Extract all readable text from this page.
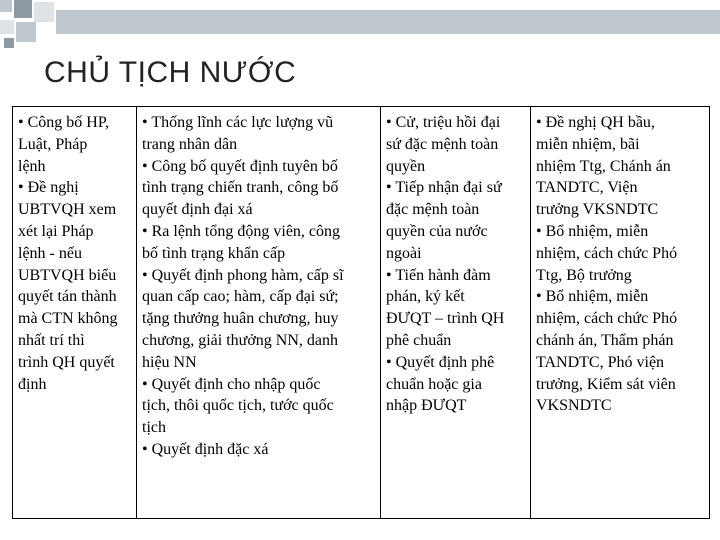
CHỦ TỊCH NƯỚC
• Công bố HP,
Luật, Pháp
lệnh
• Đề nghị
UBTVQH xem
xét lại Pháp
lệnh - nếu
UBTVQH biểu
quyết tán thành
mà CTN không
nhất trí thì
trình QH quyết
định

• Thống lĩnh các lực lượng vũ
trang nhân dân
• Công bố quyết định tuyên bố
tình trạng chiến tranh, công bố
quyết định đại xá
• Ra lệnh tổng động viên, công
bố tình trạng khẩn cấp
• Quyết định phong hàm, cấp sĩ
quan cấp cao; hàm, cấp đại sứ;
tặng thưởng huân chương, huy
chương, giải thưởng NN, danh
hiệu NN
• Quyết định cho nhập quốc
tịch, thôi quốc tịch, tước quốc
tịch
• Quyết định đặc xá

• Cử, triệu hồi đại
sứ đặc mệnh toàn
quyền
• Tiếp nhận đại sứ
đặc mệnh toàn
quyền của nước
ngoài
• Tiến hành đàm
phán, ký kết
ĐƯQT – trình QH
phê chuẩn
• Quyết định phê
chuẩn hoặc gia
nhập ĐƯQT

• Đề nghị QH bầu,
miễn nhiệm, bãi
nhiệm Ttg, Chánh án
TANDTC, Viện
trưởng VKSNDTC
• Bổ nhiệm, miễn
nhiệm, cách chức Phó
Ttg, Bộ trưởng
• Bổ nhiệm, miễn
nhiệm, cách chức Phó
chánh án, Thẩm phán
TANDTC, Phó viện
trưởng, Kiểm sát viên
VKSNDTC
